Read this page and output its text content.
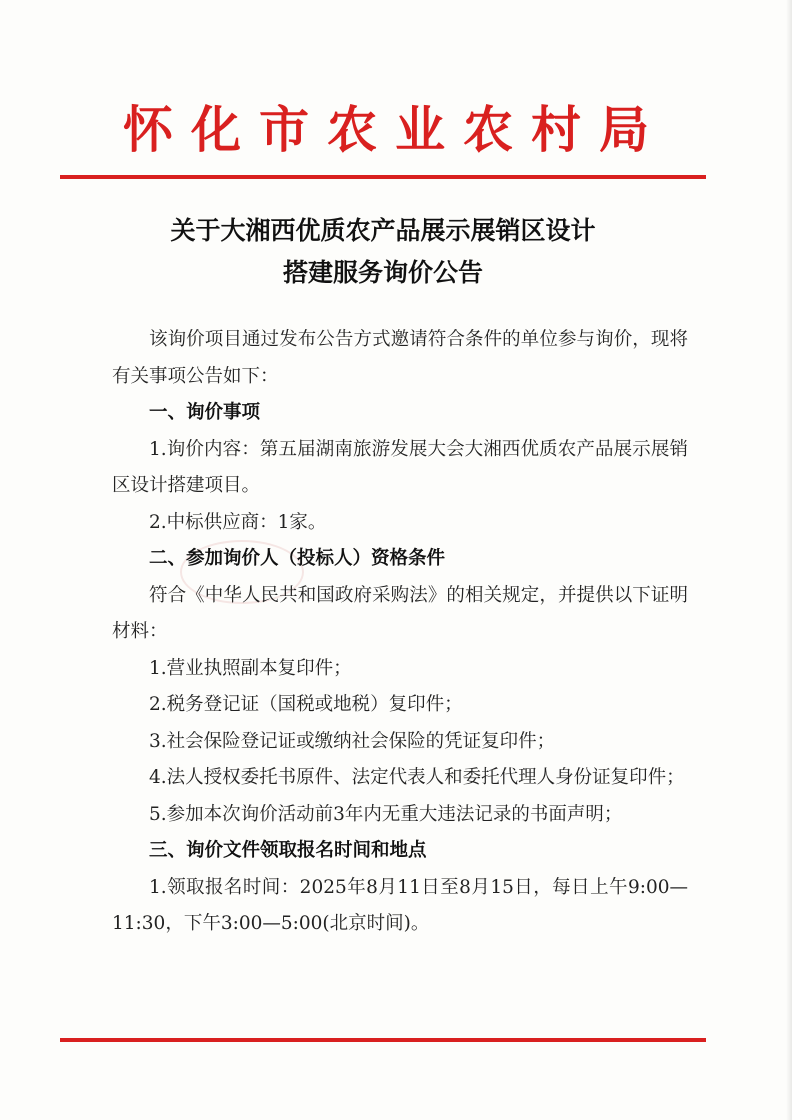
怀化市农业农村局
关于大湘西优质农产品展示展销区设计
搭建服务询价公告

该询价项目通过发布公告方式邀请符合条件的单位参与询价，现将有关事项公告如下：

一、询价事项

1.询价内容：第五届湖南旅游发展大会大湘西优质农产品展示展销区设计搭建项目。

2.中标供应商：1家。

二、参加询价人（投标人）资格条件

符合《中华人民共和国政府采购法》的相关规定，并提供以下证明材料：

1.营业执照副本复印件；

2.税务登记证（国税或地税）复印件；

3.社会保险登记证或缴纳社会保险的凭证复印件；

4.法人授权委托书原件、法定代表人和委托代理人身份证复印件；

5.参加本次询价活动前3年内无重大违法记录的书面声明；

三、询价文件领取报名时间和地点

1.领取报名时间：2025年8月11日至8月15日，每日上午9:00—11:30，下午3:00—5:00(北京时间)。
